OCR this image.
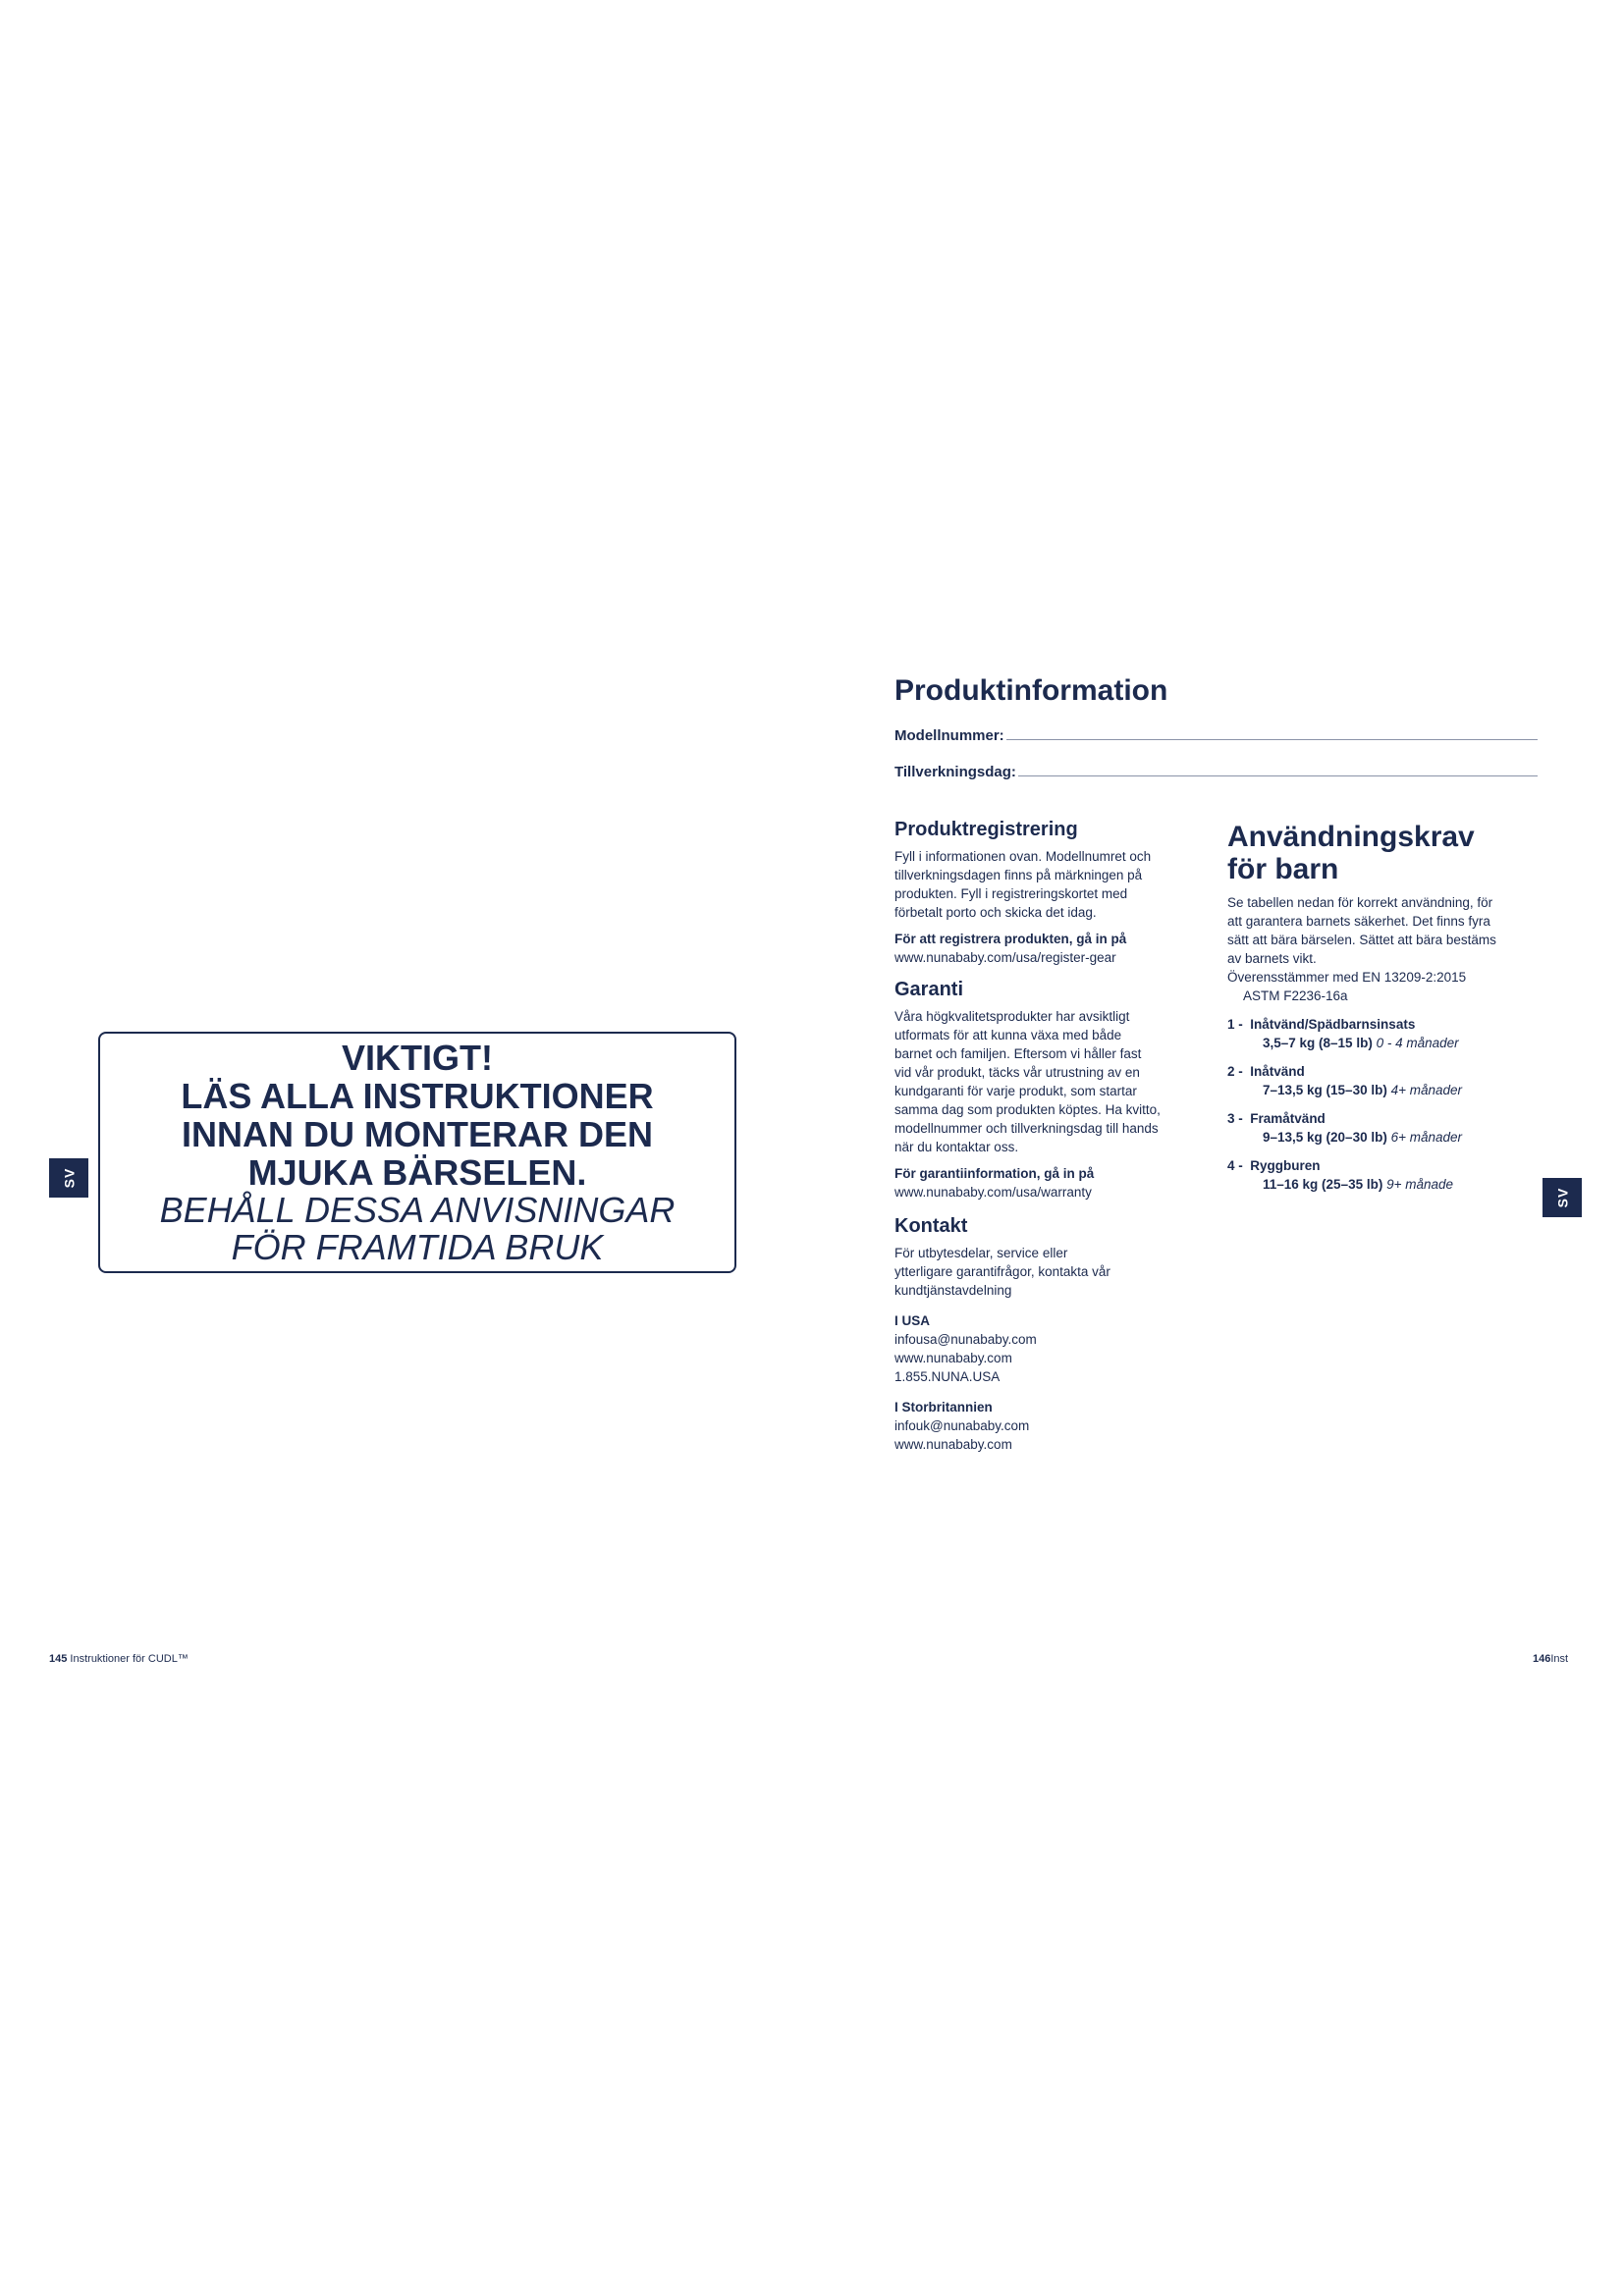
SV
VIKTIGT!
LÄS ALLA INSTRUKTIONER
INNAN DU MONTERAR DEN
MJUKA BÄRSELEN.
BEHÅLL DESSA ANVISNINGAR
FÖR FRAMTIDA BRUK
145 Instruktioner för CUDL™
Produktinformation
Modellnummer:
Tillverkningsdag:
Produktregistrering
Fyll i informationen ovan. Modellnumret och
tillverkningsdagen finns på märkningen på
produkten. Fyll i registreringskortet med
förbetalt porto och skicka det idag.
För att registrera produkten, gå in på
www.nunababy.com/usa/register-gear
Garanti
Våra högkvalitetsprodukter har avsiktligt
utformats för att kunna växa med både
barnet och familjen. Eftersom vi håller fast
vid vår produkt, täcks vår utrustning av en
kundgaranti för varje produkt, som startar
samma dag som produkten köptes. Ha kvitto,
modellnummer och tillverkningsdag till hands
när du kontaktar oss.
För garantiinformation, gå in på
www.nunababy.com/usa/warranty
Kontakt
För utbytesdelar, service eller
ytterligare garantifrågor, kontakta vår
kundtjänstavdelning
I USA
infousa@nunababy.com
www.nunababy.com
1.855.NUNA.USA
I Storbritannien
infouk@nunababy.com
www.nunababy.com
Användningskrav
för barn
Se tabellen nedan för korrekt användning, för
att garantera barnets säkerhet. Det finns fyra
sätt att bära bärselen. Sättet att bära bestäms
av barnets vikt.
Överensstämmer med EN 13209-2:2015
ASTM F2236-16a
1 - Inåtvänd/Spädbarnsinsats
3,5–7 kg (8–15 lb) 0 - 4 månader
2 - Inåtvänd
7–13,5 kg (15–30 lb) 4+ månader
3 - Framåtvänd
9–13,5 kg (20–30 lb) 6+ månader
4 - Ryggburen
11–16 kg (25–35 lb) 9+ månade
SV
146Inst
